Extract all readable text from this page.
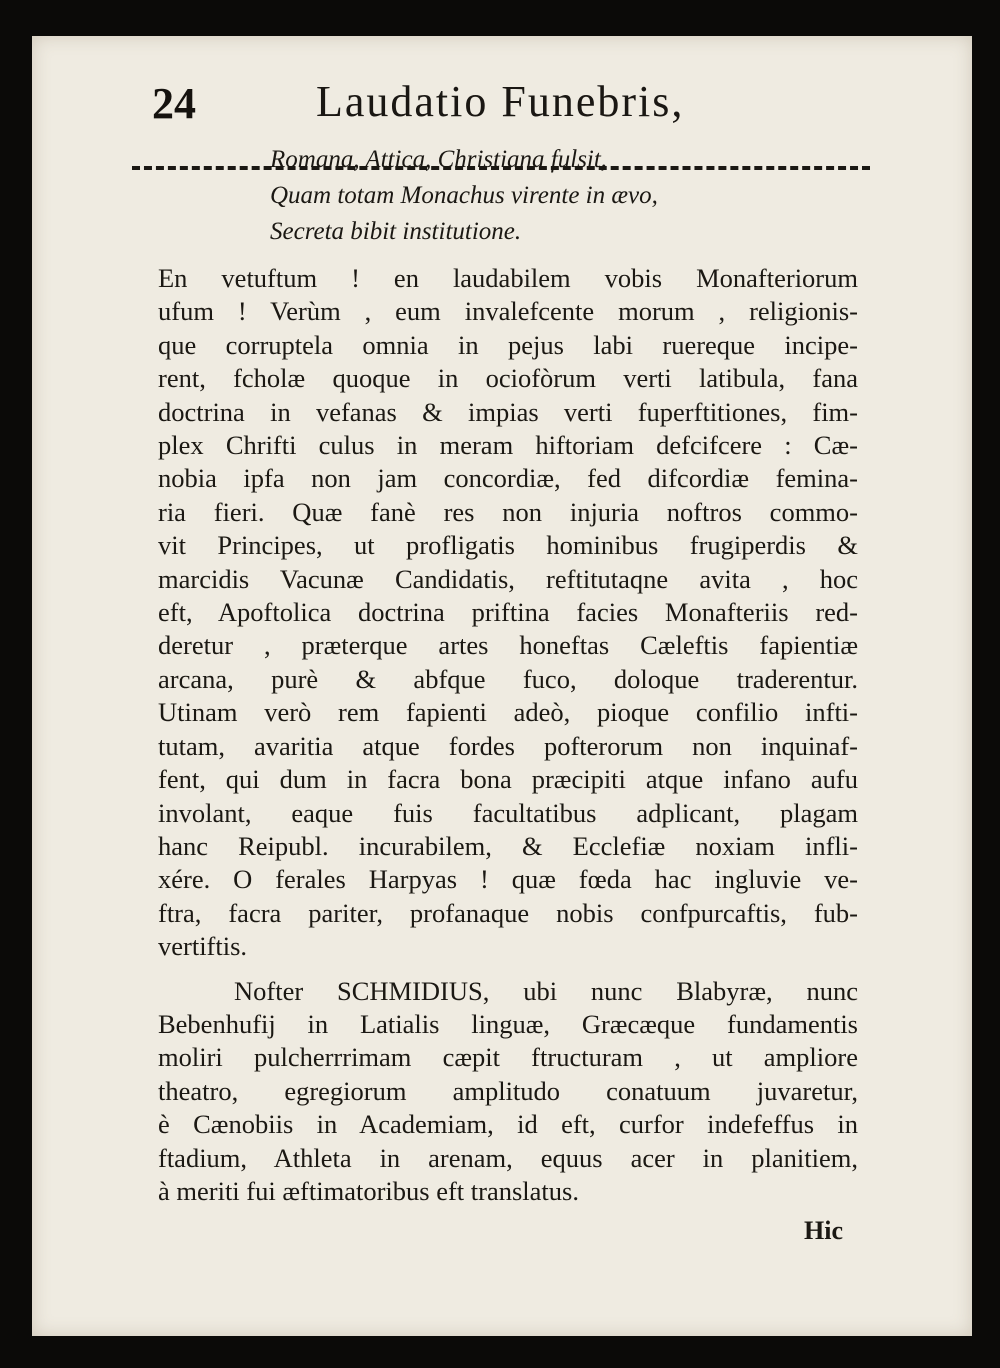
24	Laudatio Funebris,
Romana, Attica, Christiana fulsit,
Quam totam Monachus virente in ævo,
Secreta bibit institutione.
En vetuftum ! en laudabilem vobis Monafteriorum
ufum ! Verùm , eum invalefcente morum , religionis-
que corruptela omnia in pejus labi ruereque incipe-
rent, fcholæ quoque in ociofòrum verti latibula, fana
doctrina in vefanas & impias verti fuperftitiones, fim-
plex Chrifti culus in meram hiftoriam defcifcere : Cæ-
nobia ipfa non jam concordiæ, fed difcordiæ femina-
ria fieri. Quæ fanè res non injuria noftros commo-
vit Principes, ut profligatis hominibus frugiperdis &
marcidis Vacunæ Candidatis, reftitutaqne avita , hoc
eft, Apoftolica doctrina priftina facies Monafteriis red-
deretur , præterque artes honeftas Cæleftis fapientiæ
arcana, purè & abfque fuco, doloque traderentur.
Utinam verò rem fapienti adeò, pioque confilio infti-
tutam, avaritia atque fordes pofterorum non inquinaf-
fent, qui dum in facra bona præcipiti atque infano aufu
involant, eaque fuis facultatibus adplicant, plagam
hanc Reipubl. incurabilem, & Ecclefiæ noxiam infli-
xére. O ferales Harpyas ! quæ fœda hac ingluvie ve-
ftra, facra pariter, profanaque nobis confpurcaftis, fub-
vertiftis.
Nofter SCHMIDIUS, ubi nunc Blabyræ, nunc
Bebenhufij in Latialis linguæ, Græcæque fundamentis
moliri pulcherrrimam cæpit ftructuram , ut ampliore
theatro, egregiorum amplitudo conatuum juvaretur,
è Cænobiis in Academiam, id eft, curfor indefeffus in
ftadium, Athleta in arenam, equus acer in planitiem,
à meriti fui æftimatoribus eft translatus.
Hic
